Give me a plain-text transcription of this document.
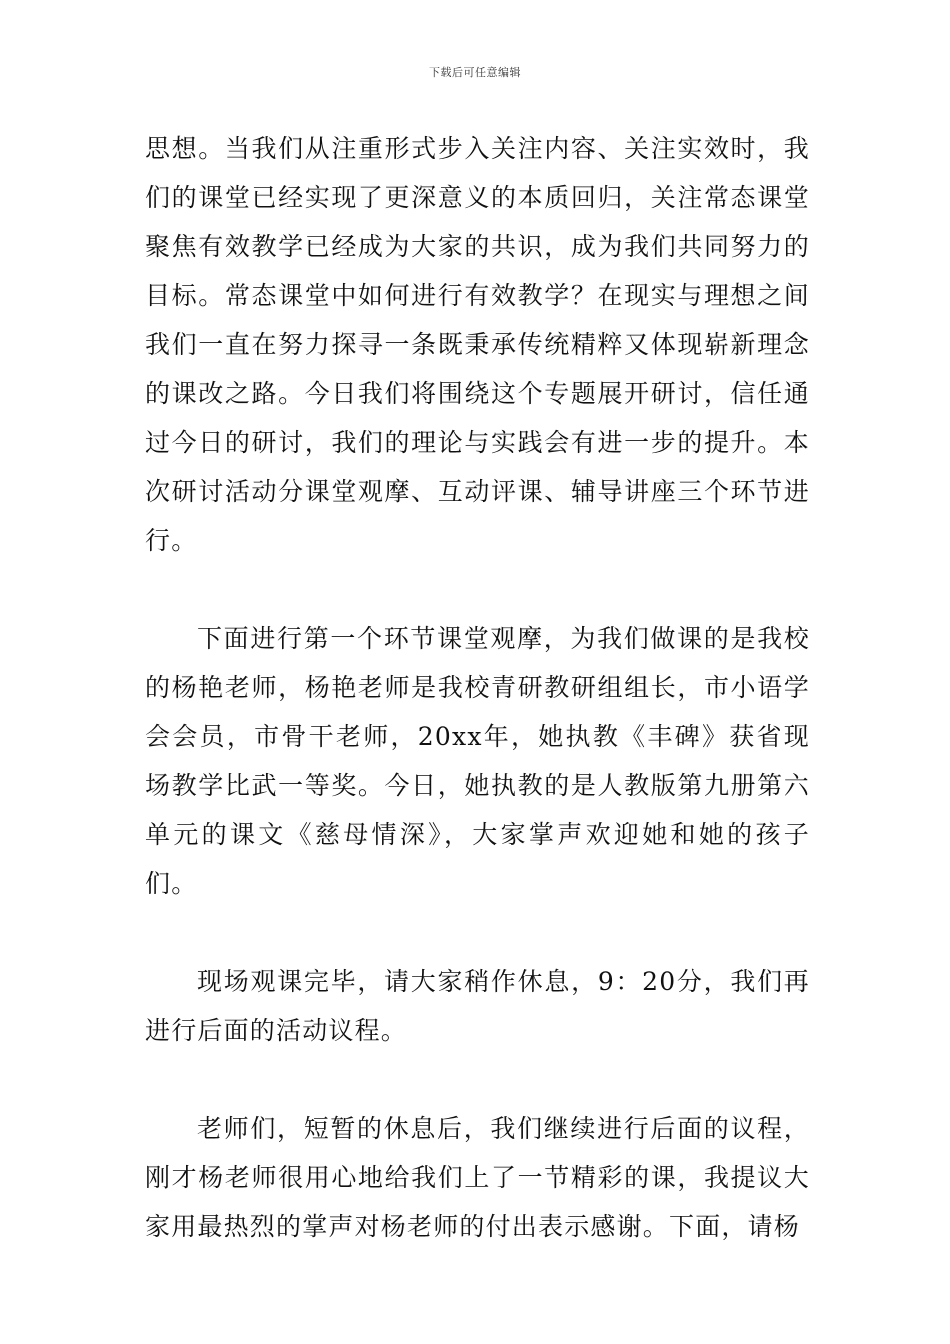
下载后可任意编辑

思想。当我们从注重形式步入关注内容、关注实效时，我们的课堂已经实现了更深意义的本质回归，关注常态课堂聚焦有效教学已经成为大家的共识，成为我们共同努力的目标。常态课堂中如何进行有效教学？在现实与理想之间我们一直在努力探寻一条既秉承传统精粹又体现崭新理念的课改之路。今日我们将围绕这个专题展开研讨，信任通过今日的研讨，我们的理论与实践会有进一步的提升。本次研讨活动分课堂观摩、互动评课、辅导讲座三个环节进行。

下面进行第一个环节课堂观摩，为我们做课的是我校的杨艳老师，杨艳老师是我校青研教研组组长，市小语学会会员，市骨干老师，20xx年，她执教《丰碑》获省现场教学比武一等奖。今日，她执教的是人教版第九册第六单元的课文《慈母情深》，大家掌声欢迎她和她的孩子们。

现场观课完毕，请大家稍作休息，9：20分，我们再进行后面的活动议程。

老师们，短暂的休息后，我们继续进行后面的议程，刚才杨老师很用心地给我们上了一节精彩的课，我提议大家用最热烈的掌声对杨老师的付出表示感谢。下面，请杨
